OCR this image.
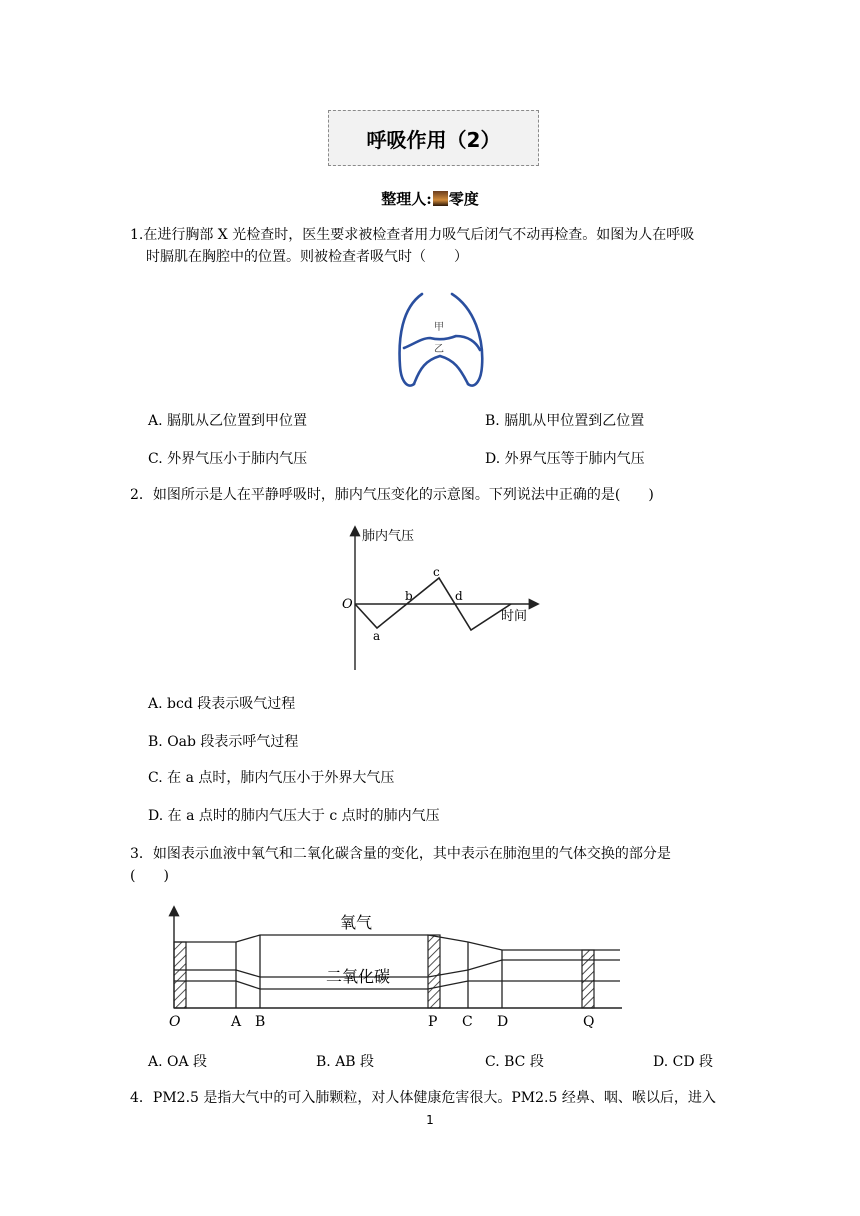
呼吸作用（2）
整理人: 零度
1.在进行胸部 X 光检查时，医生要求被检查者用力吸气后闭气不动再检查。如图为人在呼吸
时膈肌在胸腔中的位置。则被检查者吸气时（　　）
甲
乙
A. 膈肌从乙位置到甲位置	B. 膈肌从甲位置到乙位置
C. 外界气压小于肺内气压	D. 外界气压等于肺内气压
2．如图所示是人在平静呼吸时，肺内气压变化的示意图。下列说法中正确的是(　　)
肺内气压
时间
O
a
b
c
d
A. bcd 段表示吸气过程
B. Oab 段表示呼气过程
C. 在 a 点时，肺内气压小于外界大气压
D. 在 a 点时的肺内气压大于 c 点时的肺内气压
3．如图表示血液中氧气和二氧化碳含量的变化，其中表示在肺泡里的气体交换的部分是
(　　)
氧气
二氧化碳
O	A B	P C D	Q
A. OA 段	B. AB 段	C. BC 段	D. CD 段
4．PM2.5 是指大气中的可入肺颗粒，对人体健康危害很大。PM2.5 经鼻、咽、喉以后，进入
1
